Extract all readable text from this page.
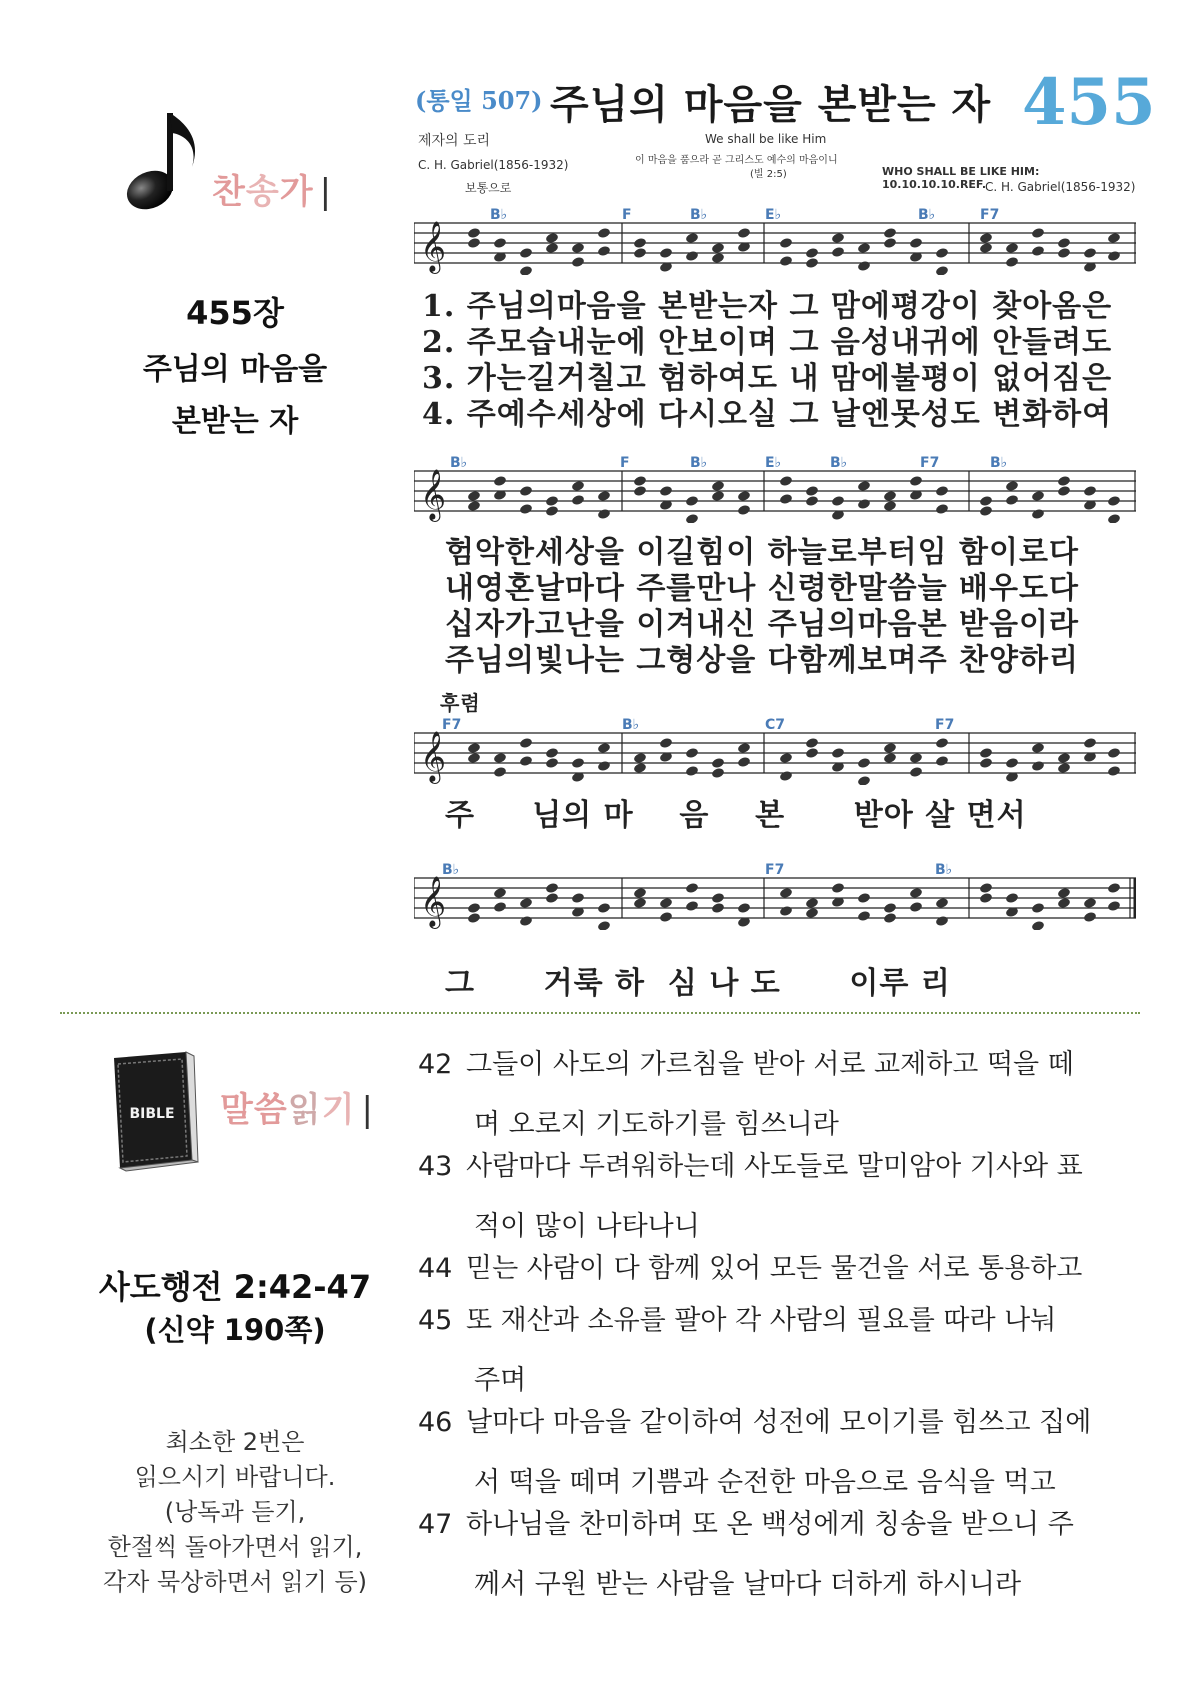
찬송가 |
455장
주님의 마음을
본받는 자
(통일 507) 주님의 마음을 본받는 자 455
제자의 도리	We shall be like Him
C. H. Gabriel(1856-1932)	이 마음을 품으라 곧 그리스도 예수의 마음이니
(빌 2:5)	WHO SHALL BE LIKE HIM: 10.10.10.10.REF.
C. H. Gabriel(1856-1932)
보통으로
𝄞
B♭	F	B♭	E♭	B♭	F7
1. 주님의마음을 본받는자 그 맘에평강이 찾아옴은
2. 주모습내눈에 안보이며 그 음성내귀에 안들려도
3. 가는길거칠고 험하여도 내 맘에불평이 없어짐은
4. 주예수세상에 다시오실 그 날엔못성도 변화하여
𝄞
B♭	F	B♭	E♭	B♭	F7	B♭
험악한세상을 이길힘이 하늘로부터임 함이로다
내영혼날마다 주를만나 신령한말씀늘 배우도다
십자가고난을 이겨내신 주님의마음본 받음이라
주님의빛나는 그형상을 다함께보며주 찬양하리
후렴
𝄞
F7	B♭	C7	F7
주     님의 마    음    본      받아 살 면서
𝄞
B♭	F7	B♭
그      거룩 하  심 나 도      이루 리
BIBLE 말씀읽기 |
사도행전 2:42-47
(신약 190쪽)
최소한 2번은
읽으시기 바랍니다.
(낭독과 듣기,
한절씩 돌아가면서 읽기,
각자 묵상하면서 읽기 등)
42 그들이 사도의 가르침을 받아 서로 교제하고 떡을 떼
며 오로지 기도하기를 힘쓰니라
43 사람마다 두려워하는데 사도들로 말미암아 기사와 표
적이 많이 나타나니
44 믿는 사람이 다 함께 있어 모든 물건을 서로 통용하고
45 또 재산과 소유를 팔아 각 사람의 필요를 따라 나눠
주며
46 날마다 마음을 같이하여 성전에 모이기를 힘쓰고 집에
서 떡을 떼며 기쁨과 순전한 마음으로 음식을 먹고
47 하나님을 찬미하며 또 온 백성에게 칭송을 받으니 주
께서 구원 받는 사람을 날마다 더하게 하시니라
